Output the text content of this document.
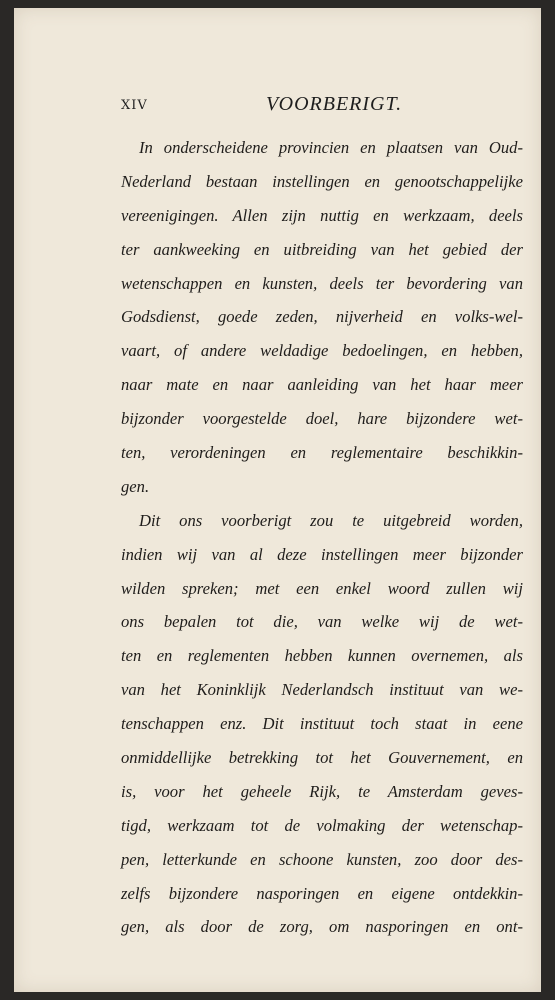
XIV	VOORBERIGT.
In onderscheidene provincien en plaatsen van Oud-
Nederland bestaan instellingen en genootschappelijke
vereenigingen. Allen zijn nuttig en werkzaam, deels
ter aankweeking en uitbreiding van het gebied der
wetenschappen en kunsten, deels ter bevordering van
Godsdienst, goede zeden, nijverheid en volks-wel-
vaart, of andere weldadige bedoelingen, en hebben,
naar mate en naar aanleiding van het haar meer
bijzonder voorgestelde doel, hare bijzondere wet-
ten, verordeningen en reglementaire beschikkin-
gen.
Dit ons voorberigt zou te uitgebreid worden,
indien wij van al deze instellingen meer bijzonder
wilden spreken; met een enkel woord zullen wij
ons bepalen tot die, van welke wij de wet-
ten en reglementen hebben kunnen overnemen, als
van het Koninklijk Nederlandsch instituut van we-
tenschappen enz. Dit instituut toch staat in eene
onmiddellijke betrekking tot het Gouvernement, en
is, voor het geheele Rijk, te Amsterdam geves-
tigd, werkzaam tot de volmaking der wetenschap-
pen, letterkunde en schoone kunsten, zoo door des-
zelfs bijzondere nasporingen en eigene ontdekkin-
gen, als door de zorg, om nasporingen en ont-
